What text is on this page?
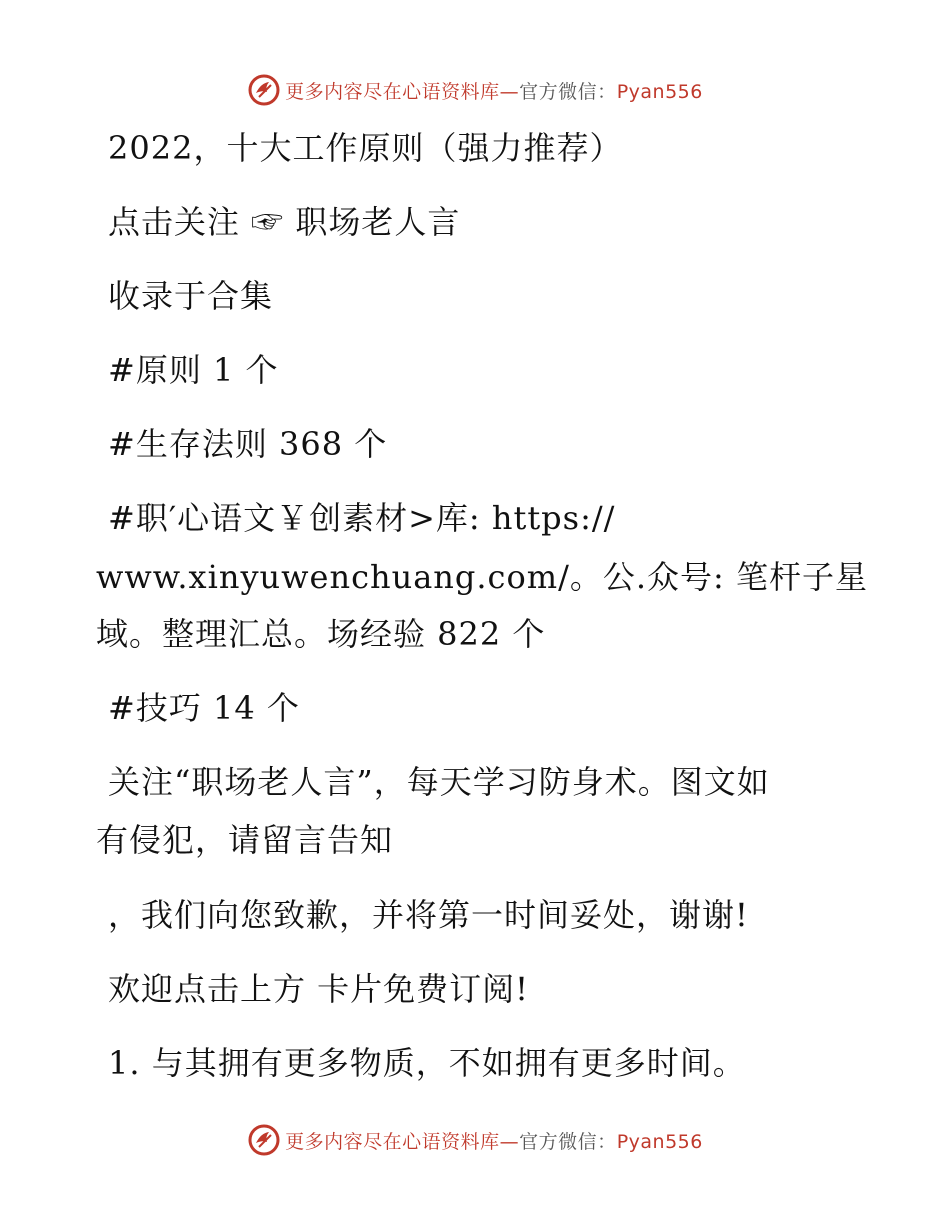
更多内容尽在心语资料库—官方微信：Pyan556
2022，十大工作原则（强力推荐）
点击关注 ☞ 职场老人言
收录于合集
#原则 1 个
#生存法则 368 个
#职′心语文￥创素材>库: https://
www.xinyuwenchuang.com/。公.众号: 笔杆子星
域。整理汇总。场经验 822 个
#技巧 14 个
关注“职场老人言”，每天学习防身术。图文如
有侵犯，请留言告知
，我们向您致歉，并将第一时间妥处，谢谢!
欢迎点击上方 卡片免费订阅!
1. 与其拥有更多物质，不如拥有更多时间。
更多内容尽在心语资料库—官方微信：Pyan556
